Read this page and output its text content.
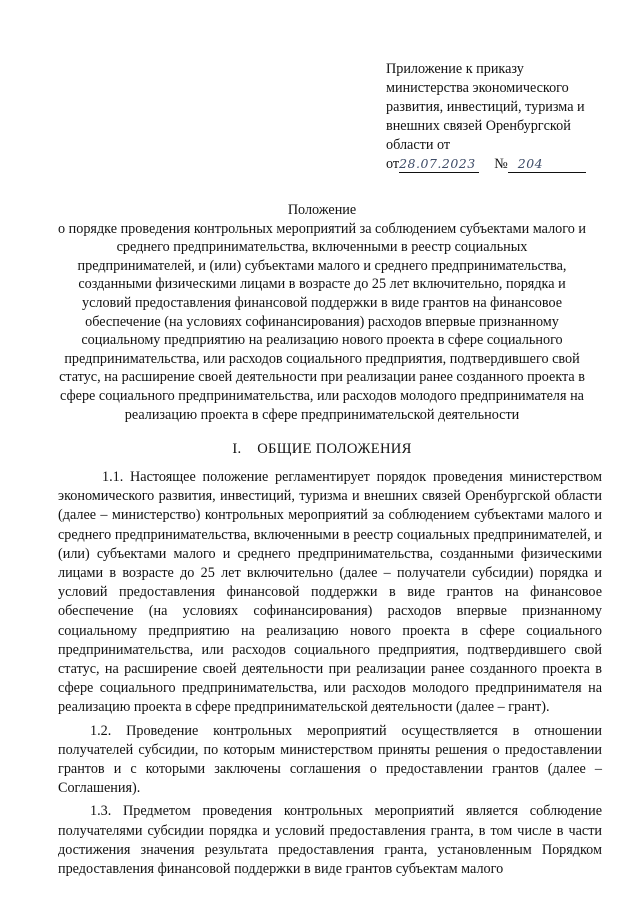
Приложение к приказу
министерства экономического
развития, инвестиций, туризма и
внешних связей Оренбургской
области от
от28.07.2023 № 204
Положение
о порядке проведения контрольных мероприятий за соблюдением субъектами малого и среднего предпринимательства, включенными в реестр социальных предпринимателей, и (или) субъектами малого и среднего предпринимательства, созданными физическими лицами в возрасте до 25 лет включительно, порядка и условий предоставления финансовой поддержки в виде грантов на финансовое обеспечение (на условиях софинансирования) расходов впервые признанному социальному предприятию на реализацию нового проекта в сфере социального предпринимательства, или расходов социального предприятия, подтвердившего свой статус, на расширение своей деятельности при реализации ранее созданного проекта в сфере социального предпринимательства, или расходов молодого предпринимателя на реализацию проекта в сфере предпринимательской деятельности
I.    ОБЩИЕ ПОЛОЖЕНИЯ

1.1. Настоящее положение регламентирует порядок проведения министерством экономического развития, инвестиций, туризма и внешних связей Оренбургской области (далее – министерство) контрольных мероприятий за соблюдением субъектами малого и среднего предпринимательства, включенными в реестр социальных предпринимателей, и (или) субъектами малого и среднего предпринимательства, созданными физическими лицами в возрасте до 25 лет включительно (далее – получатели субсидии) порядка и условий предоставления финансовой поддержки в виде грантов на финансовое обеспечение (на условиях софинансирования) расходов впервые признанному социальному предприятию на реализацию нового проекта в сфере социального предпринимательства, или расходов социального предприятия, подтвердившего свой статус, на расширение своей деятельности при реализации ранее созданного проекта в сфере социального предпринимательства, или расходов молодого предпринимателя на реализацию проекта в сфере предпринимательской деятельности (далее – грант).

1.2. Проведение контрольных мероприятий осуществляется в отношении получателей субсидии, по которым министерством приняты решения о предоставлении грантов и с которыми заключены соглашения о предоставлении грантов (далее – Соглашения).

1.3. Предметом проведения контрольных мероприятий является соблюдение получателями субсидии порядка и условий предоставления гранта, в том числе в части достижения значения результата предоставления гранта, установленным Порядком предоставления финансовой поддержки в виде грантов субъектам малого
